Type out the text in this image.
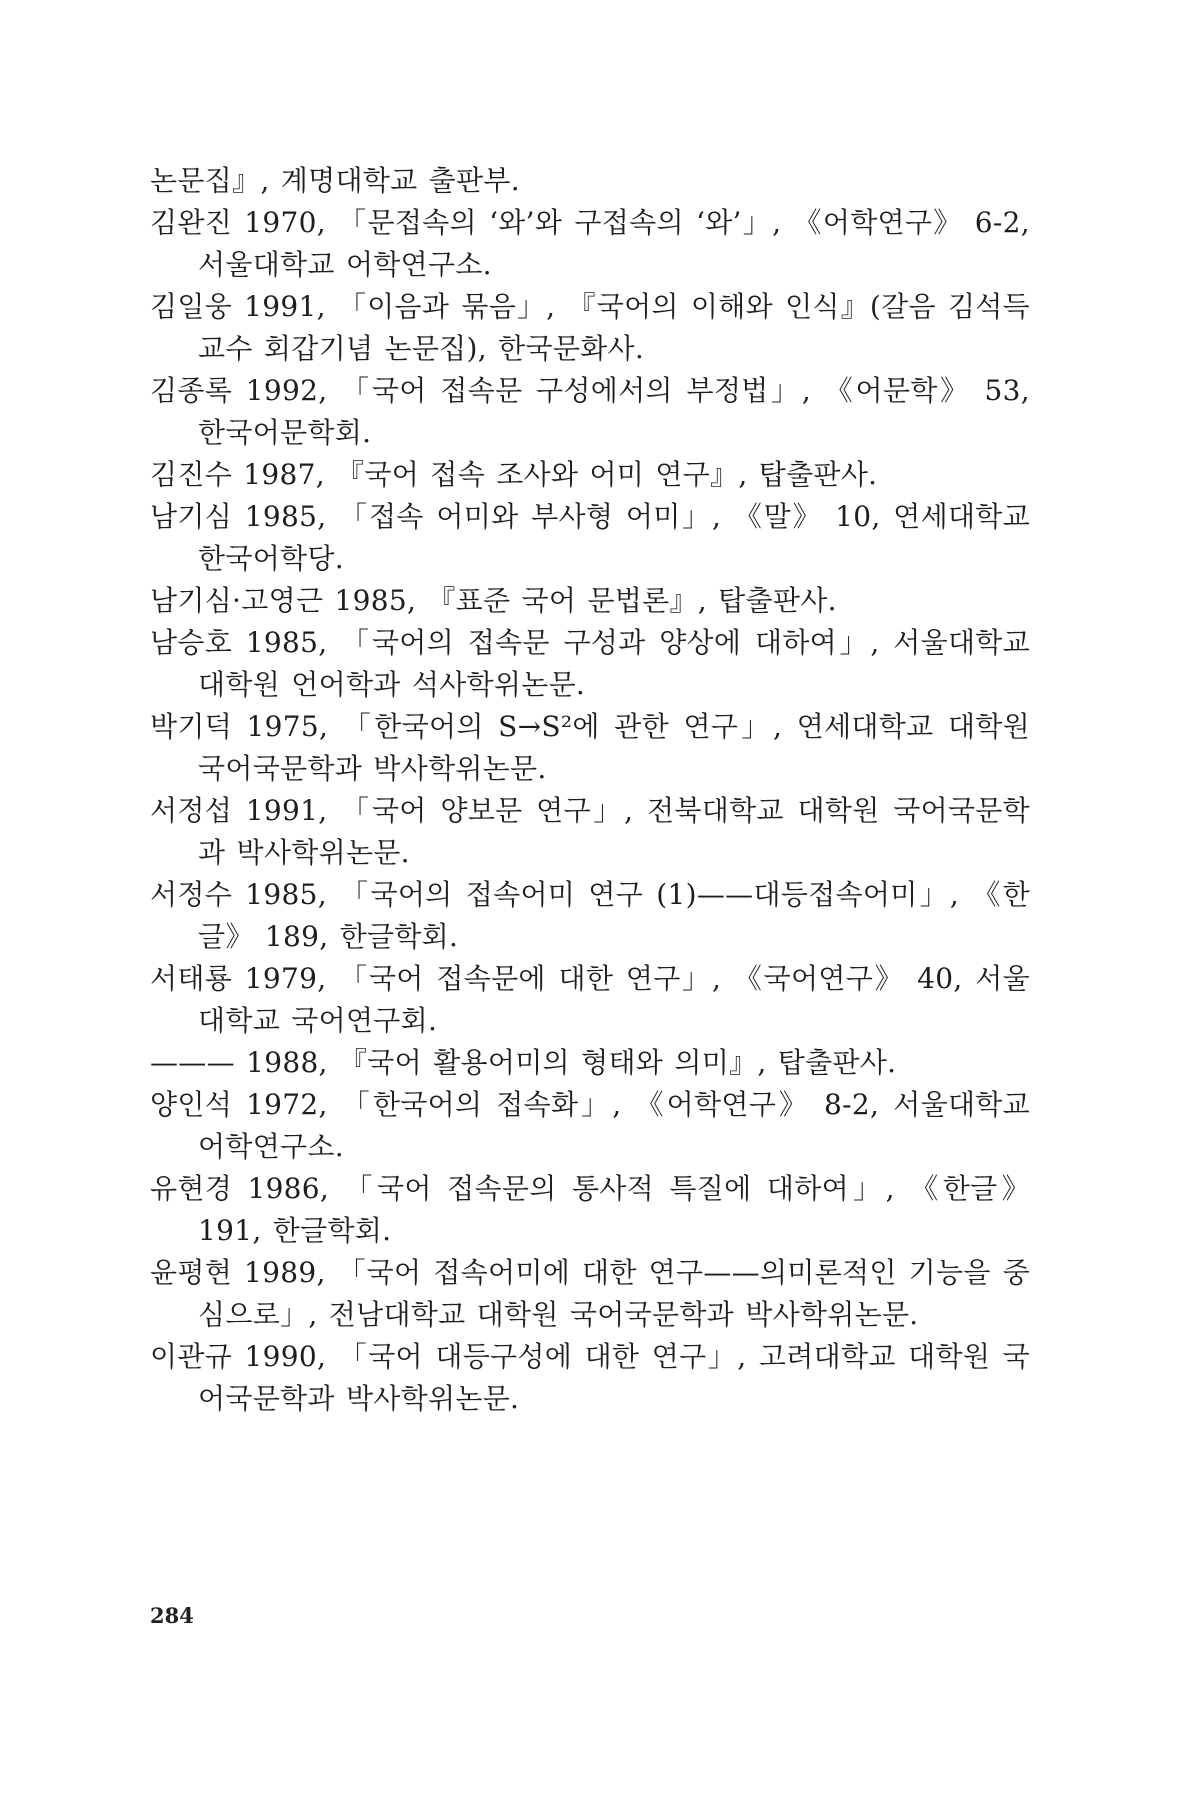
논문집』, 계명대학교 출판부.
김완진 1970, 「문접속의 ‘와’와 구접속의 ‘와’」, 《어학연구》 6-2, 서울대학교 어학연구소.
김일웅 1991, 「이음과 묶음」, 『국어의 이해와 인식』(갈음 김석득교수 회갑기념 논문집), 한국문화사.
김종록 1992, 「국어 접속문 구성에서의 부정법」, 《어문학》 53, 한국어문학회.
김진수 1987, 『국어 접속 조사와 어미 연구』, 탑출판사.
남기심 1985, 「접속 어미와 부사형 어미」, 《말》 10, 연세대학교 한국어학당.
남기심·고영근 1985, 『표준 국어 문법론』, 탑출판사.
남승호 1985, 「국어의 접속문 구성과 양상에 대하여」, 서울대학교 대학원 언어학과 석사학위논문.
박기덕 1975, 「한국어의 S→S²에 관한 연구」, 연세대학교 대학원 국어국문학과 박사학위논문.
서정섭 1991, 「국어 양보문 연구」, 전북대학교 대학원 국어국문학과 박사학위논문.
서정수 1985, 「국어의 접속어미 연구 (1)——대등접속어미」, 《한글》 189, 한글학회.
서태룡 1979, 「국어 접속문에 대한 연구」, 《국어연구》 40, 서울대학교 국어연구회.
——— 1988, 『국어 활용어미의 형태와 의미』, 탑출판사.
양인석 1972, 「한국어의 접속화」, 《어학연구》 8-2, 서울대학교 어학연구소.
유현경 1986, 「국어 접속문의 통사적 특질에 대하여」, 《한글》 191, 한글학회.
윤평현 1989, 「국어 접속어미에 대한 연구——의미론적인 기능을 중심으로」, 전남대학교 대학원 국어국문학과 박사학위논문.
이관규 1990, 「국어 대등구성에 대한 연구」, 고려대학교 대학원 국어국문학과 박사학위논문.
284
